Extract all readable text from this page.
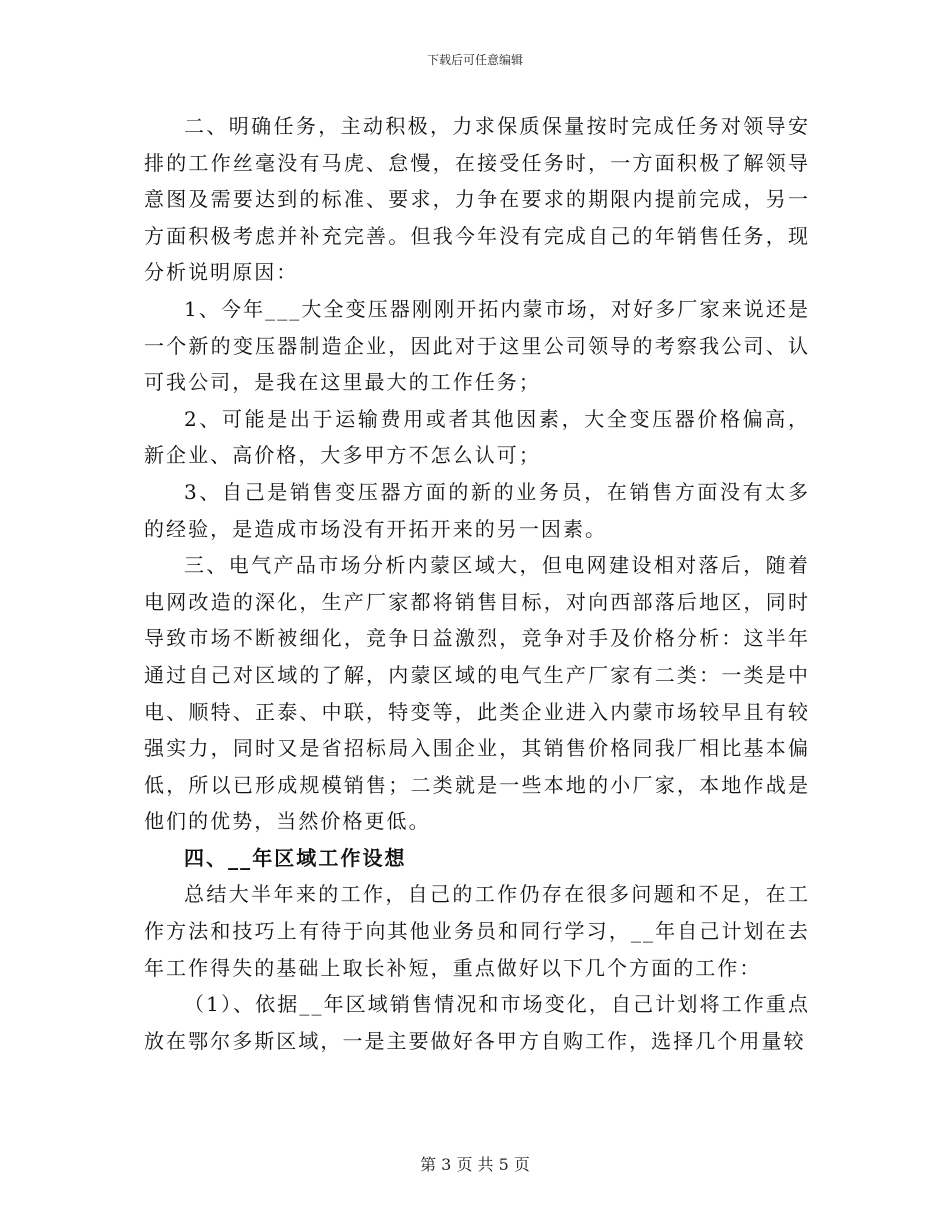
下载后可任意编辑

二、明确任务，主动积极，力求保质保量按时完成任务对领导安排的工作丝毫没有马虎、怠慢，在接受任务时，一方面积极了解领导意图及需要达到的标准、要求，力争在要求的期限内提前完成，另一方面积极考虑并补充完善。但我今年没有完成自己的年销售任务，现分析说明原因：

1、今年___大全变压器刚刚开拓内蒙市场，对好多厂家来说还是一个新的变压器制造企业，因此对于这里公司领导的考察我公司、认可我公司，是我在这里最大的工作任务；

2、可能是出于运输费用或者其他因素，大全变压器价格偏高，新企业、高价格，大多甲方不怎么认可；

3、自己是销售变压器方面的新的业务员，在销售方面没有太多的经验，是造成市场没有开拓开来的另一因素。

三、电气产品市场分析内蒙区域大，但电网建设相对落后，随着电网改造的深化，生产厂家都将销售目标，对向西部落后地区，同时导致市场不断被细化，竞争日益激烈，竞争对手及价格分析：这半年通过自己对区域的了解，内蒙区域的电气生产厂家有二类：一类是中电、顺特、正泰、中联，特变等，此类企业进入内蒙市场较早且有较强实力，同时又是省招标局入围企业，其销售价格同我厂相比基本偏低，所以已形成规模销售；二类就是一些本地的小厂家，本地作战是他们的优势，当然价格更低。

四、__年区域工作设想

总结大半年来的工作，自己的工作仍存在很多问题和不足，在工作方法和技巧上有待于向其他业务员和同行学习，__年自己计划在去年工作得失的基础上取长补短，重点做好以下几个方面的工作：

（1）、依据__年区域销售情况和市场变化，自己计划将工作重点放在鄂尔多斯区域，一是主要做好各甲方自购工作，选择几个用量较

第 3 页 共 5 页
